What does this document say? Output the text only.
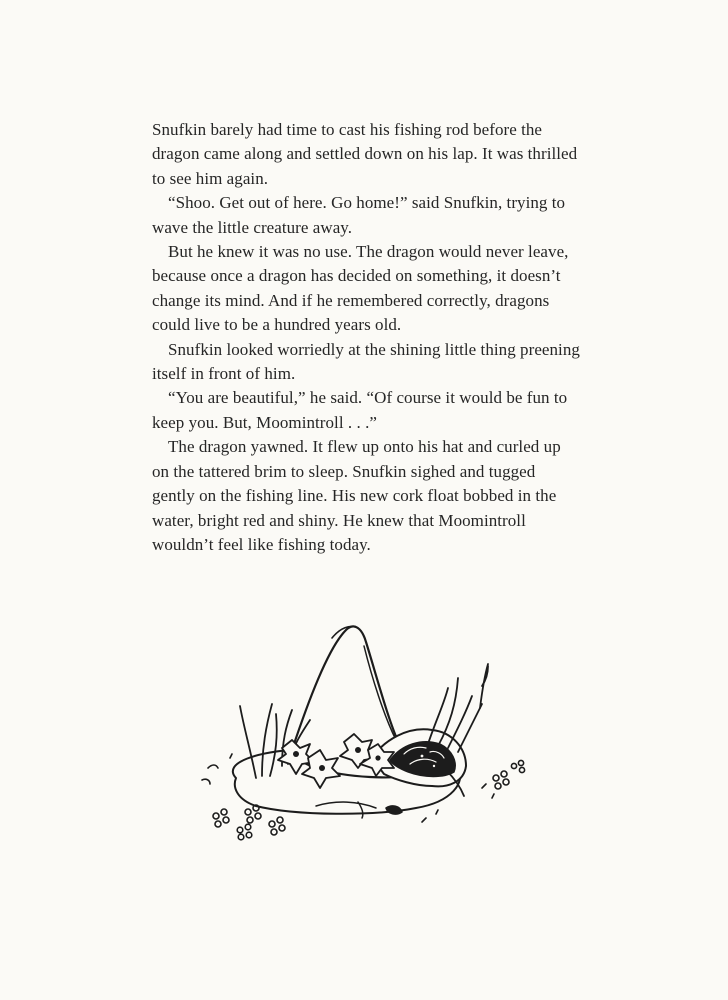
Snufkin barely had time to cast his fishing rod before the dragon came along and settled down on his lap. It was thrilled to see him again.

“Shoo. Get out of here. Go home!” said Snufkin, trying to wave the little creature away.

But he knew it was no use. The dragon would never leave, because once a dragon has decided on something, it doesn’t change its mind. And if he remembered correctly, dragons could live to be a hundred years old.

Snufkin looked worriedly at the shining little thing preening itself in front of him.

“You are beautiful,” he said. “Of course it would be fun to keep you. But, Moomintroll . . .”

The dragon yawned. It flew up onto his hat and curled up on the tattered brim to sleep. Snufkin sighed and tugged gently on the fishing line. His new cork float bobbed in the water, bright red and shiny. He knew that Moomintroll wouldn’t feel like fishing today.
